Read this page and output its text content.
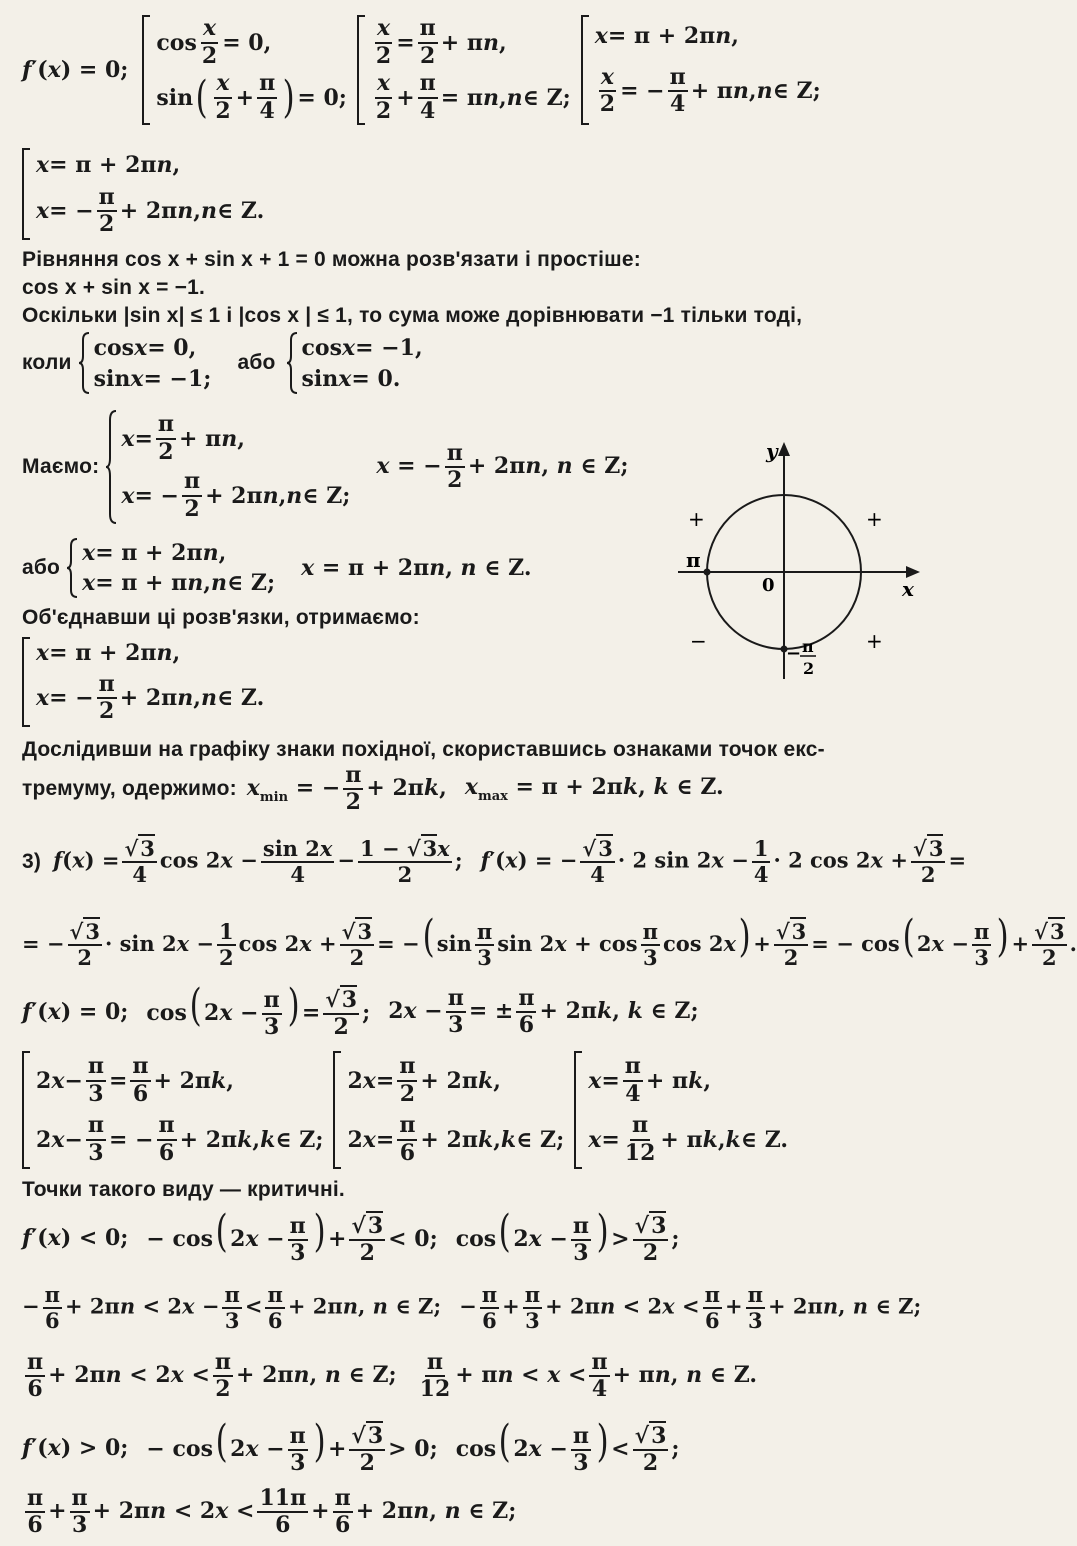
f′(x) = 0;
$\cos \frac{x}{2} = 0$,
sin ( $\frac{x}{2} + \frac{\pi}{4}$ ) = 0;
$\frac{x}{2} = \frac{\pi}{2} + \pi$ n ,
$\frac{x}{2} + \frac{\pi}{4} = \pi$ n , n ∈ Z;
x = π + 2π n ,
$\frac{x}{2}$ = − $\frac{\pi}{4} + \pi$ n , n ∈ Z;
x = π + 2π n ,
x = − $\frac{\pi}{2} + 2\pi$ n , n ∈ Z.
Рівняння cos x + sin x + 1 = 0 можна розв'язати і простіше:
cos x + sin x = −1.
Оскільки |sin x| ≤ 1 і |cos x | ≤ 1, то сума може дорівнювати −1 тільки тоді,
коли
cos x = 0,
sin x = −1;
або
cos x = −1,
sin x = 0.
Маємо:
$x = \frac{\pi}{2} + \pi$ n ,
x = − $\frac{\pi}{2} + 2\pi$ n , n ∈ Z;
x = − $\frac{\pi}{2} + 2\pi n$, n ∈ Z;
або
x = π + 2π n ,
x = π + π n , n ∈ Z;
x = π + 2πn, n ∈ Z.
Об'єднавши ці розв'язки, отримаємо:
x = π + 2π n ,
x = − $\frac{\pi}{2} + 2\pi$ n , n ∈ Z.
Дослідивши на графіку знаки похідної, скориставшись ознаками точок екс-
тремуму, одержимо: $x_{min}$ = − $\frac{\pi}{2} + 2\pi k$, $x_{max} = \pi + 2\pi k$, k ∈ Z.
3) $f(x) = \frac{√3}{4}$ $\cos 2x - \frac{\sin 2x}{4} - \frac{1 - √3x}{2}$ ; f′(x) = − $\frac{√3}{4} \cdot 2$ $\sin 2x - \frac{1}{4} \cdot 2$ $\cos 2x + \frac{√3}{2}$ =
= − $\frac{√3}{2} \cdot \sin 2x - \frac{1}{2}$ $\cos 2x + \frac{√3}{2}$ = −( $\sin \frac{\pi}{3}$ $\sin 2x + \cos \frac{\pi}{3}$ $\cos 2x) + \frac{√3}{2}$ = − cos( $2x - \frac{\pi}{3}$ ) + $\frac{√3}{2}$ .
f′(x) = 0; cos( $2x - \frac{\pi}{3}$ ) = $\frac{√3}{2}$ ; $2x - \frac{\pi}{3}$ = ± $\frac{\pi}{6} + 2\pi k$, k ∈ Z;
2 $x - \frac{\pi}{3} = \frac{\pi}{6} + 2\pi$ k ,
2 $x - \frac{\pi}{3}$ = − $\frac{\pi}{6} + 2\pi$ k , k ∈ Z;
2 $x = \frac{\pi}{2} + 2\pi$ k ,
2 $x = \frac{\pi}{6} + 2\pi$ k , k ∈ Z;
$x = \frac{\pi}{4} + \pi$ k ,
$x = \frac{\pi}{12} + \pi$ k , k ∈ Z.
Точки такого виду — критичні.
f′(x) < 0; − cos( $2x - \frac{\pi}{3}$ ) + $\frac{√3}{2} < 0$; cos( $2x - \frac{\pi}{3}$ ) > $\frac{√3}{2}$ ;
− $\frac{\pi}{6} + 2\pi n < 2x - \frac{\pi}{3} < \frac{\pi}{6} + 2\pi n$, n ∈ Z; − $\frac{\pi}{6} + \frac{\pi}{3} + 2\pi n < 2x < \frac{\pi}{6} + \frac{\pi}{3} + 2\pi n$, n ∈ Z;
$\frac{\pi}{6} + 2\pi n < 2x < \frac{\pi}{2} + 2\pi n$, n ∈ Z; $\frac{\pi}{12} + \pi n < x < \frac{\pi}{4} + \pi n$, n ∈ Z.
f′(x) > 0; − cos( $2x - \frac{\pi}{3}$ ) + $\frac{√3}{2} > 0$; cos( $2x - \frac{\pi}{3}$ ) < $\frac{√3}{2}$ ;
$\frac{\pi}{6} + \frac{\pi}{3} + 2\pi n < 2x < \frac{11\pi}{6} + \frac{\pi}{6} + 2\pi n$, n ∈ Z;
y
x
0
π
− π
2
+	+
−	+
